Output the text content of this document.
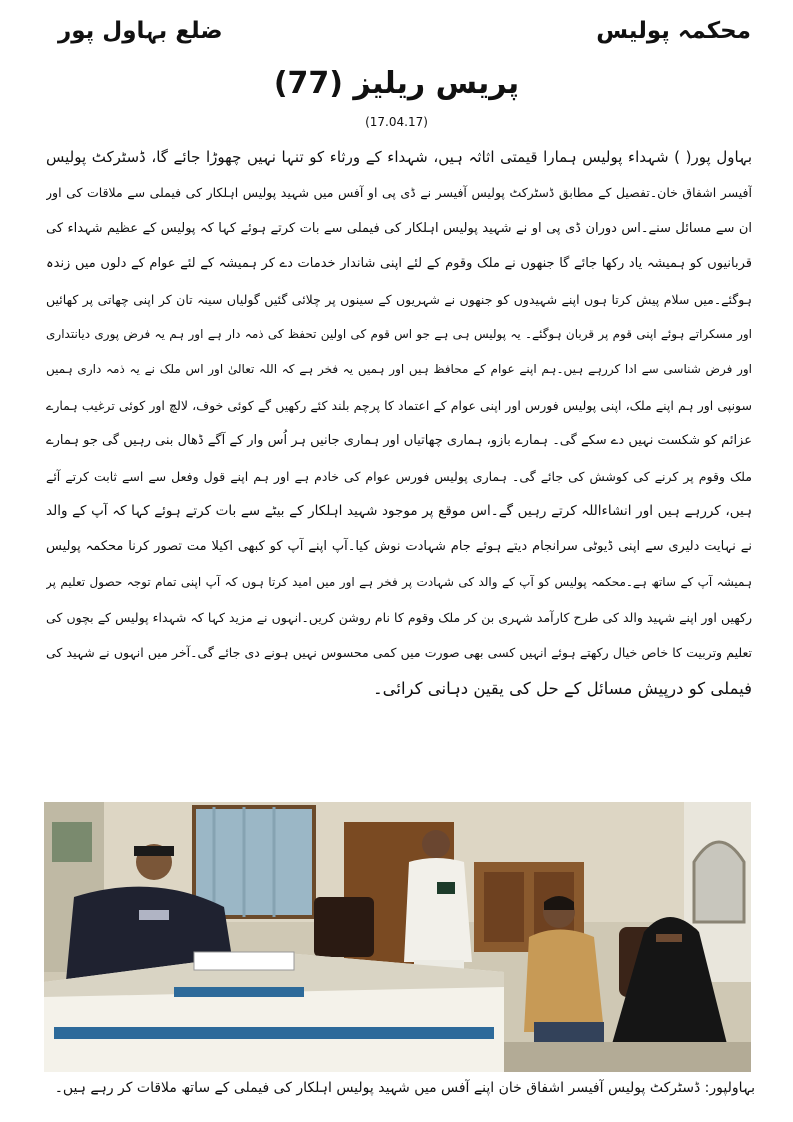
محکمہ پولیس
ضلع بہاول پور
پریس ریلیز (77)
(17.04.17)
بہاول پور( ) شہداء پولیس ہمارا قیمتی اثاثہ ہیں، شہداء کے ورثاء کو تنہا نہیں چھوڑا جائے گا، ڈسٹرکٹ پولیس
آفیسر اشفاق خان۔تفصیل کے مطابق ڈسٹرکٹ پولیس آفیسر نے ڈی پی او آفس میں شہید پولیس اہلکار کی فیملی سے ملاقات کی اور
ان سے مسائل سنے۔اس دوران ڈی پی او نے شہید پولیس اہلکار کی فیملی سے بات کرتے ہوئے کہا کہ پولیس کے عظیم شہداء کی
قربانیوں کو ہمیشہ یاد رکھا جائے گا جنھوں نے ملک وقوم کے لئے اپنی شاندار خدمات دے کر ہمیشہ کے لئے عوام کے دلوں میں زندہ
ہوگئے۔میں سلام پیش کرتا ہوں اپنے شہیدوں کو جنھوں نے شہریوں کے سینوں پر چلائی گئیں گولیاں سینہ تان کر اپنی چھاتی پر کھائیں
اور مسکراتے ہوئے اپنی قوم پر قربان ہوگئے۔ یہ پولیس ہی ہے جو اس قوم کی اولین تحفظ کی ذمہ دار ہے اور ہم یہ فرض پوری دیانتداری
اور فرض شناسی سے ادا کررہے ہیں۔ہم اپنے عوام کے محافظ ہیں اور ہمیں یہ فخر ہے کہ اللہ تعالیٰ اور اس ملک نے یہ ذمہ داری ہمیں
سونپی اور ہم اپنے ملک، اپنی پولیس فورس اور اپنی عوام کے اعتماد کا پرچم بلند کئے رکھیں گے کوئی خوف، لالچ اور کوئی ترغیب ہمارے
عزائم کو شکست نہیں دے سکے گی۔ ہمارے بازو، ہماری چھاتیاں اور ہماری جانیں ہر اُس وار کے آگے ڈھال بنی رہیں گی جو ہمارے
ملک وقوم پر کرنے کی کوشش کی جائے گی۔ ہماری پولیس فورس عوام کی خادم ہے اور ہم اپنے قول وفعل سے اسے ثابت کرتے آئے
ہیں، کررہے ہیں اور انشاءاللہ کرتے رہیں گے۔اس موقع پر موجود شہید اہلکار کے بیٹے سے بات کرتے ہوئے کہا کہ آپ کے والد
نے نہایت دلیری سے اپنی ڈیوٹی سرانجام دیتے ہوئے جام شہادت نوش کیا۔آپ اپنے آپ کو کبھی اکیلا مت تصور کرنا محکمہ پولیس
ہمیشہ آپ کے ساتھ ہے۔محکمہ پولیس کو آپ کے والد کی شہادت پر فخر ہے اور میں امید کرتا ہوں کہ آپ اپنی تمام توجہ حصول تعلیم پر
رکھیں اور اپنے شہید والد کی طرح کارآمد شہری بن کر ملک وقوم کا نام روشن کریں۔انہوں نے مزید کہا کہ شہداء پولیس کے بچوں کی
تعلیم وتربیت کا خاص خیال رکھتے ہوئے انہیں کسی بھی صورت میں کمی محسوس نہیں ہونے دی جائے گی۔آخر میں انہوں نے شہید کی
فیملی کو درپیش مسائل کے حل کی یقین دہانی کرائی۔
بہاولپور: ڈسٹرکٹ پولیس آفیسر اشفاق خان اپنے آفس میں شہید پولیس اہلکار کی فیملی کے ساتھ ملاقات کر رہے ہیں۔
